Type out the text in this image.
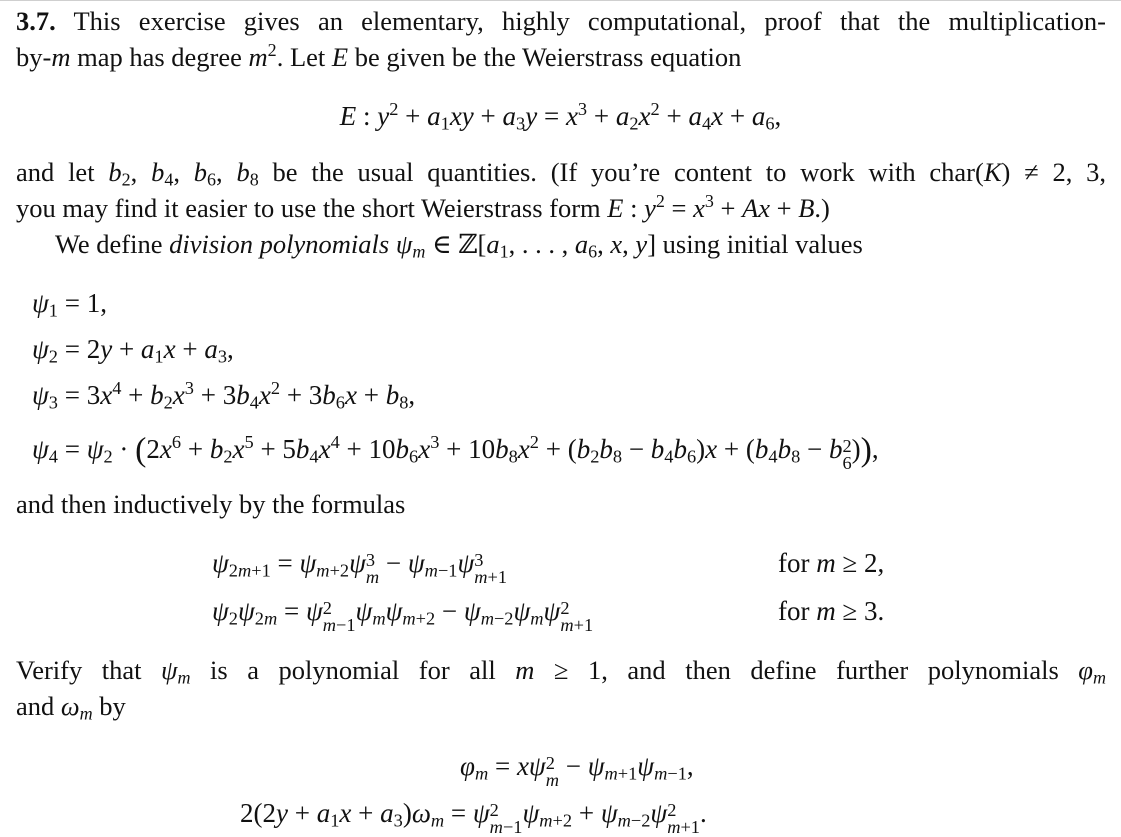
3.7. This exercise gives an elementary, highly computational, proof that the multiplication-
by-m map has degree $m^2$. Let E be given be the Weierstrass equation
E : $y^2 + a_1xy + a_3y = x^3 + a_2x^2 + a_4x + a_6$,
and let $b_2$, $b_4$, $b_6$, $b_8$ be the usual quantities. (If you’re content to work with char(K) ≠ 2, 3,
you may find it easier to use the short Weierstrass form E : $y^2 = x^3 + Ax + B$.)
We define division polynomials $\psi_m$ ∈ $ℤ[a_1$, . . . , $a_6$, x, y] using initial values
$\psi_1 = 1$,
$\psi_2 = 2y + a_1x + a_3$,
$\psi_3 = 3x^4 + b_2x^3 + 3b_4x^2 + 3b_6x + b_8$,
$\psi_4 = \psi_2 \cdot (2x^6 + b_2x^5 + 5b_4x^4 + 10b_6x^3 + 10b_8x^2 + (b_2b_8 - b_4b_6)x + (b_4b_8 - b$ 2
6 )),
and then inductively by the formulas
$\psi_{2m+1} = \psi_{m+2}\psi$ 3
$m - \psi_{m-1}\psi$ 3
m+1	for m ≥ 2,
$\psi_2\psi_{2m} = \psi$ 2
m−1 $\psi_m\psi_{m+2} - \psi_{m-2}\psi_m\psi$ 2
m+1	for m ≥ 3.
Verify that $\psi_m$ is a polynomial for all m ≥ 1, and then define further polynomials $\varphi_m$
and $\omega_m$ by
$\varphi_m = x\psi$ 2
$m - \psi_{m+1}\psi_{m-1}$,
$2(2y + a_1x + a_3)\omega_m = \psi$ 2
m−1 $\psi_{m+2} + \psi_{m-2}\psi$ 2
m+1 .
